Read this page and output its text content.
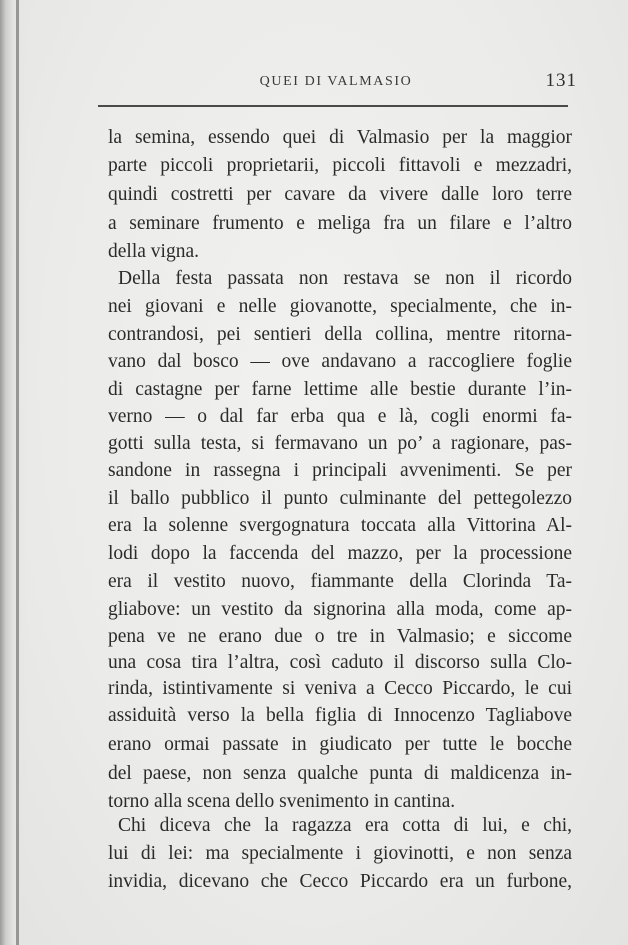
QUEI DI VALMASIO	131
la semina, essendo quei di Valmasio per la maggior
parte piccoli proprietarii, piccoli fittavoli e mezzadri,
quindi costretti per cavare da vivere dalle loro terre
a seminare frumento e meliga fra un filare e l’altro
della vigna.
Della festa passata non restava se non il ricordo
nei giovani e nelle giovanotte, specialmente, che in-
contrandosi, pei sentieri della collina, mentre ritorna-
vano dal bosco — ove andavano a raccogliere foglie
di castagne per farne lettime alle bestie durante l’in-
verno — o dal far erba qua e là, cogli enormi fa-
gotti sulla testa, si fermavano un po’ a ragionare, pas-
sandone in rassegna i principali avvenimenti. Se per
il ballo pubblico il punto culminante del pettegolezzo
era la solenne svergognatura toccata alla Vittorina Al-
lodi dopo la faccenda del mazzo, per la processione
era il vestito nuovo, fiammante della Clorinda Ta-
gliabove: un vestito da signorina alla moda, come ap-
pena ve ne erano due o tre in Valmasio; e siccome
una cosa tira l’altra, così caduto il discorso sulla Clo-
rinda, istintivamente si veniva a Cecco Piccardo, le cui
assiduità verso la bella figlia di Innocenzo Tagliabove
erano ormai passate in giudicato per tutte le bocche
del paese, non senza qualche punta di maldicenza in-
torno alla scena dello svenimento in cantina.
Chi diceva che la ragazza era cotta di lui, e chi,
lui di lei: ma specialmente i giovinotti, e non senza
invidia, dicevano che Cecco Piccardo era un furbone,
